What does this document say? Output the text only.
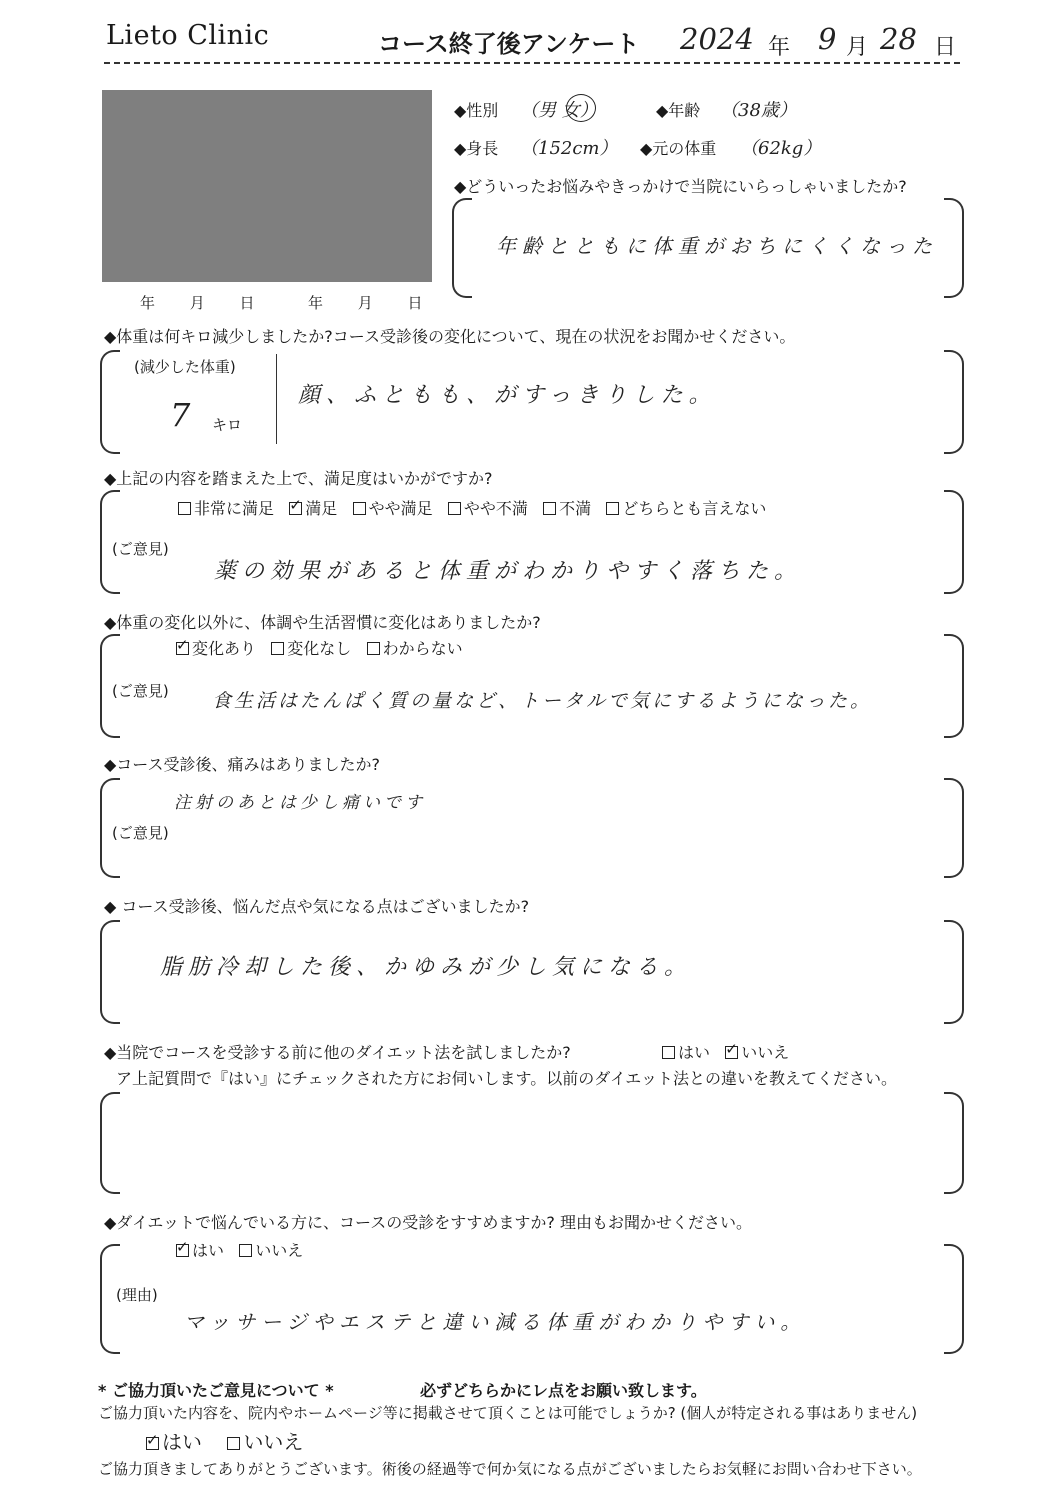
Lieto Clinic	コース終了後アンケート 2024 年 9 月 28 日
年 月 日	年 月 日
◆性別 （男 女）	◆年齢 （38歳）
◆身長 （152cm） ◆元の体重 （62kg）
◆どういったお悩みやきっかけで当院にいらっしゃいましたか?
年齢とともに体重がおちにくくなった
◆体重は何キロ減少しましたか?コース受診後の変化について、現在の状況をお聞かせください。
(減少した体重)
7 キロ
顔、ふともも、がすっきりした。
◆上記の内容を踏まえた上で、満足度はいかがですか?
非常に満足 ✓ 満足 やや満足 やや不満 不満 どちらとも言えない
(ご意見)
薬の効果があると体重がわかりやすく落ちた。
◆体重の変化以外に、体調や生活習慣に変化はありましたか?
✓変化あり 変化なし わからない
(ご意見) 食生活はたんぱく質の量など、トータルで気にするようになった。
◆コース受診後、痛みはありましたか?
注射のあとは少し痛いです
(ご意見)
◆ コース受診後、悩んだ点や気になる点はございましたか?
脂肪冷却した後、かゆみが少し気になる。
◆当院でコースを受診する前に他のダイエット法を試しましたか?	はい ✓ いいえ
ア上記質問で『はい』にチェックされた方にお伺いします。以前のダイエット法との違いを教えてください。
◆ダイエットで悩んでいる方に、コースの受診をすすめますか? 理由もお聞かせください。
✓はい いいえ
(理由)
マッサージやエステと違い減る体重がわかりやすい。
* ご協力頂いたご意見について *	必ずどちらかにレ点をお願い致します。
ご協力頂いた内容を、院内やホームページ等に掲載させて頂くことは可能でしょうか? (個人が特定される事はありません)
✓はい いいえ
ご協力頂きましてありがとうございます。術後の経過等で何か気になる点がございましたらお気軽にお問い合わせ下さい。
